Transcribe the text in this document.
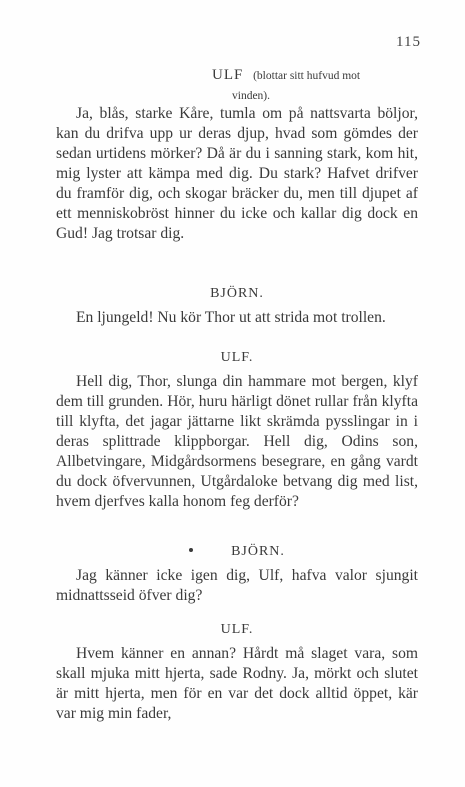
115
ULF (blottar sitt hufvud mot
vinden).

Ja, blås, starke Kåre, tumla om på nattsvarta böljor, kan du drifva upp ur deras djup, hvad som gömdes der sedan urtidens mörker? Då är du i sanning stark, kom hit, mig lyster att kämpa med dig. Du stark? Hafvet drifver du framför dig, och skogar bräcker du, men till djupet af ett menniskobröst hinner du icke och kallar dig dock en Gud! Jag trotsar dig.

BJÖRN.

En ljungeld! Nu kör Thor ut att strida mot trollen.

ULF.

Hell dig, Thor, slunga din hammare mot bergen, klyf dem till grunden. Hör, huru härligt dönet rullar från klyfta till klyfta, det jagar jättarne likt skrämda pysslingar in i deras splittrade klippborgar. Hell dig, Odins son, Allbetvingare, Midgårdsormens besegrare, en gång vardt du dock öfvervunnen, Utgårdaloke betvang dig med list, hvem djerfves kalla honom feg derför?

BJÖRN.

Jag känner icke igen dig, Ulf, hafva valor sjungit midnattsseid öfver dig?

ULF.

Hvem känner en annan? Hårdt må slaget vara, som skall mjuka mitt hjerta, sade Rodny. Ja, mörkt och slutet är mitt hjerta, men för en var det dock alltid öppet, kär var mig min fader,
